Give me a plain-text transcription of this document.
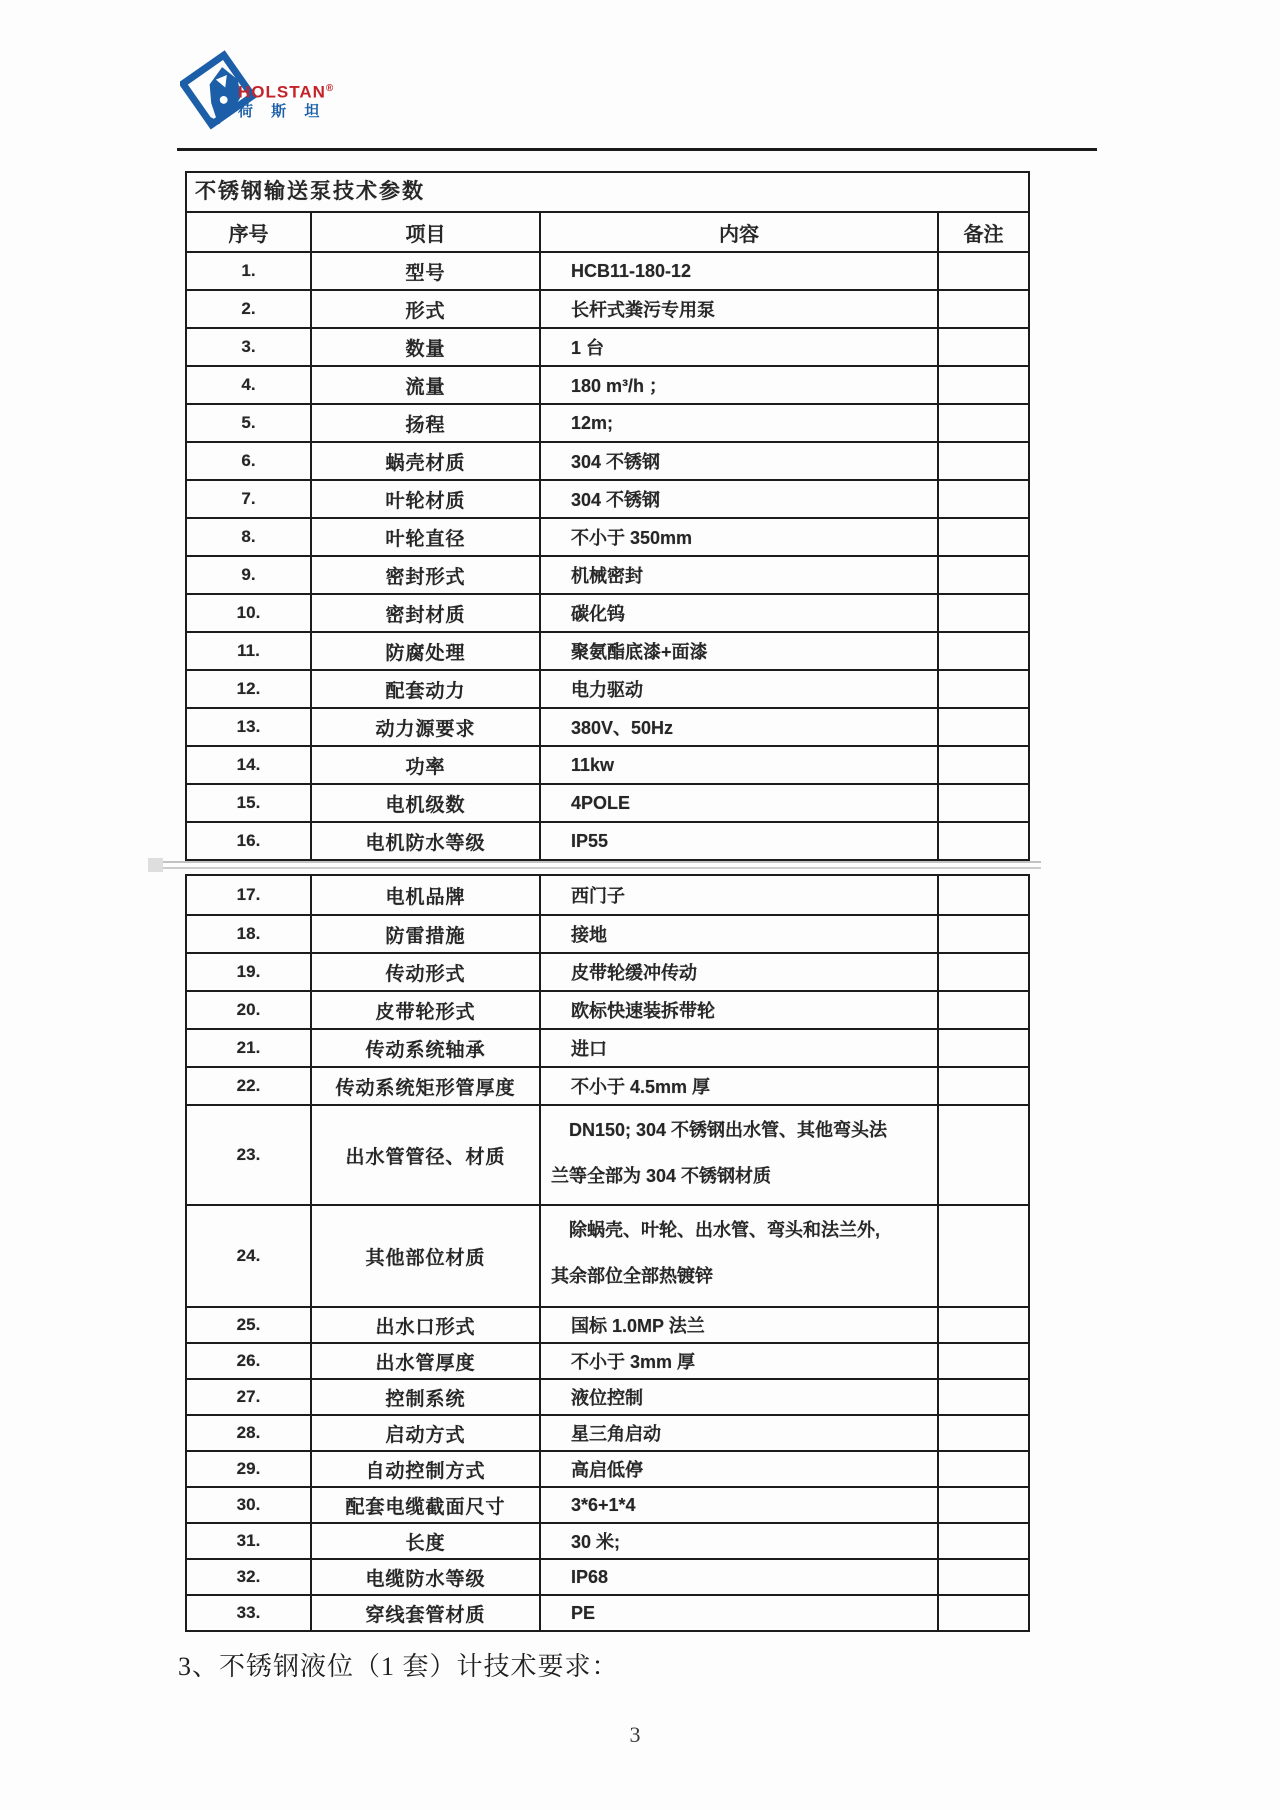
HOLSTAN®
荷 斯 坦
不锈钢输送泵技术参数
序号	项目	内容	备注
1.	型号	HCB11-180-12
2.	形式	长杆式粪污专用泵
3.	数量	1 台
4.	流量	180 m³/h ；
5.	扬程	12m;
6.	蜗壳材质	304 不锈钢
7.	叶轮材质	304 不锈钢
8.	叶轮直径	不小于 350mm
9.	密封形式	机械密封
10.	密封材质	碳化钨
11.	防腐处理	聚氨酯底漆+面漆
12.	配套动力	电力驱动
13.	动力源要求	380V、50Hz
14.	功率	11kw
15.	电机级数	4POLE
16.	电机防水等级	IP55
17.	电机品牌	西门子
18.	防雷措施	接地
19.	传动形式	皮带轮缓冲传动
20.	皮带轮形式	欧标快速装拆带轮
21.	传动系统轴承	进口
22.	传动系统矩形管厚度	不小于 4.5mm 厚
23.	出水管管径、材质
DN150; 304 不锈钢出水管、其他弯头法
兰等全部为 304 不锈钢材质
24.	其他部位材质
除蜗壳、叶轮、出水管、弯头和法兰外,
其余部位全部热镀锌
25.	出水口形式	国标 1.0MP 法兰
26.	出水管厚度	不小于 3mm 厚
27.	控制系统	液位控制
28.	启动方式	星三角启动
29.	自动控制方式	高启低停
30.	配套电缆截面尺寸	3*6+1*4
31.	长度	30 米;
32.	电缆防水等级	IP68
33.	穿线套管材质	PE
3、不锈钢液位（1 套）计技术要求：
3
